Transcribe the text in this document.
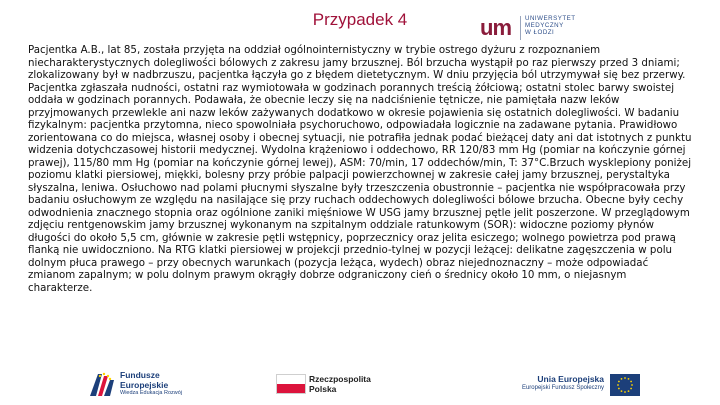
Przypadek 4	um	UNIWERSYTET
MEDYCZNY
W ŁODZI
Pacjentka A.B., lat 85, została przyjęta na oddział ogólnointernistyczny w trybie ostrego dyżuru z rozpoznaniem niecharakterystycznych dolegliwości bólowych z zakresu jamy brzusznej. Ból brzucha wystąpił po raz pierwszy przed 3 dniami; zlokalizowany był w nadbrzuszu, pacjentka łączyła go z błędem dietetycznym. W dniu przyjęcia ból utrzymywał się bez przerwy. Pacjentka zgłaszała nudności, ostatni raz wymiotowała w godzinach porannych treścią żółciową; ostatni stolec barwy swoistej oddała w godzinach porannych. Podawała, że obecnie leczy się na nadciśnienie tętnicze, nie pamiętała nazw leków przyjmowanych przewlekle ani nazw leków zażywanych dodatkowo w okresie pojawienia się ostatnich dolegliwości. W badaniu fizykalnym: pacjentka przytomna, nieco spowolniała psychoruchowo, odpowiadała logicznie na zadawane pytania. Prawidłowo zorientowana co do miejsca, własnej osoby i obecnej sytuacji, nie potrafiła jednak podać bieżącej daty ani dat istotnych z punktu widzenia dotychczasowej historii medycznej. Wydolna krążeniowo i oddechowo, RR 120/83 mm Hg (pomiar na kończynie górnej prawej), 115/80 mm Hg (pomiar na kończynie górnej lewej), ASM: 70/min, 17 oddechów/min, T: 37°C.Brzuch wysklepiony poniżej poziomu klatki piersiowej, miękki, bolesny przy próbie palpacji powierzchownej w zakresie całej jamy brzusznej, perystaltyka słyszalna, leniwa. Osłuchowo nad polami płucnymi słyszalne były trzeszczenia obustronnie – pacjentka nie współpracowała przy badaniu osłuchowym ze względu na nasilające się przy ruchach oddechowych dolegliwości bólowe brzucha. Obecne były cechy odwodnienia znacznego stopnia oraz ogólnione zaniki mięśniowe W USG jamy brzusznej pętle jelit poszerzone. W przeglądowym zdjęciu rentgenowskim jamy brzusznej wykonanym na szpitalnym oddziale ratunkowym (SOR): widoczne poziomy płynów długości do około 5,5 cm, głównie w zakresie pętli wstępnicy, poprzecznicy oraz jelita esiczego; wolnego powietrza pod prawą flanką nie uwidoczniono. Na RTG klatki piersiowej w projekcji przednio-tylnej w pozycji leżącej: delikatne zagęszczenia w polu dolnym płuca prawego – przy obecnych warunkach (pozycja leżąca, wydech) obraz niejednoznaczny – może odpowiadać zmianom zapalnym; w polu dolnym prawym okrągły dobrze odgraniczony cień o średnicy około 10 mm, o niejasnym charakterze.
Fundusze
Europejskie
Wiedza Edukacja Rozwój
Rzeczpospolita
Polska
Unia Europejska
Europejski Fundusz Społeczny
